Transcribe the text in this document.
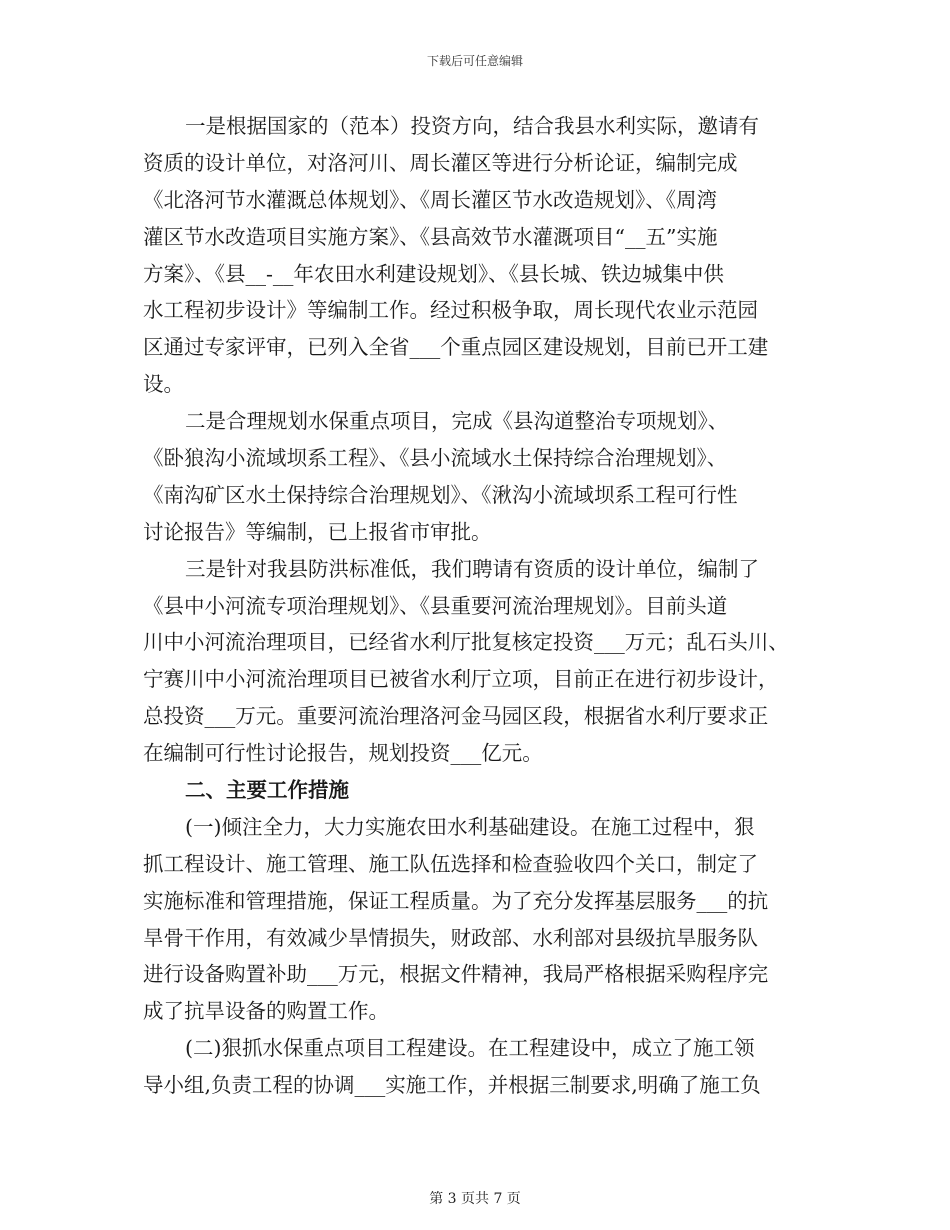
下载后可任意编辑
一是根据国家的（范本）投资方向，结合我县水利实际，邀请有
资质的设计单位，对洛河川、周长灌区等进行分析论证，编制完成
《北洛河节水灌溉总体规划》、《周长灌区节水改造规划》、《周湾
灌区节水改造项目实施方案》、《县高效节水灌溉项目“__五”实施
方案》、《县__-__年农田水利建设规划》、《县长城、铁边城集中供
水工程初步设计》等编制工作。经过积极争取，周长现代农业示范园
区通过专家评审，已列入全省___个重点园区建设规划，目前已开工建
设。
二是合理规划水保重点项目，完成《县沟道整治专项规划》、
《卧狼沟小流域坝系工程》、《县小流域水土保持综合治理规划》、
《南沟矿区水土保持综合治理规划》、《湫沟小流域坝系工程可行性
讨论报告》等编制，已上报省市审批。
三是针对我县防洪标准低，我们聘请有资质的设计单位，编制了
《县中小河流专项治理规划》、《县重要河流治理规划》。目前头道
川中小河流治理项目，已经省水利厅批复核定投资___万元；乱石头川、
宁赛川中小河流治理项目已被省水利厅立项，目前正在进行初步设计，
总投资___万元。重要河流治理洛河金马园区段，根据省水利厅要求正
在编制可行性讨论报告，规划投资___亿元。
二、主要工作措施
(一)倾注全力，大力实施农田水利基础建设。在施工过程中，狠
抓工程设计、施工管理、施工队伍选择和检查验收四个关口，制定了
实施标准和管理措施，保证工程质量。为了充分发挥基层服务___的抗
旱骨干作用，有效减少旱情损失，财政部、水利部对县级抗旱服务队
进行设备购置补助___万元，根据文件精神，我局严格根据采购程序完
成了抗旱设备的购置工作。
(二)狠抓水保重点项目工程建设。在工程建设中，成立了施工领
导小组,负责工程的协调___实施工作，并根据三制要求,明确了施工负
第 3 页共 7 页
